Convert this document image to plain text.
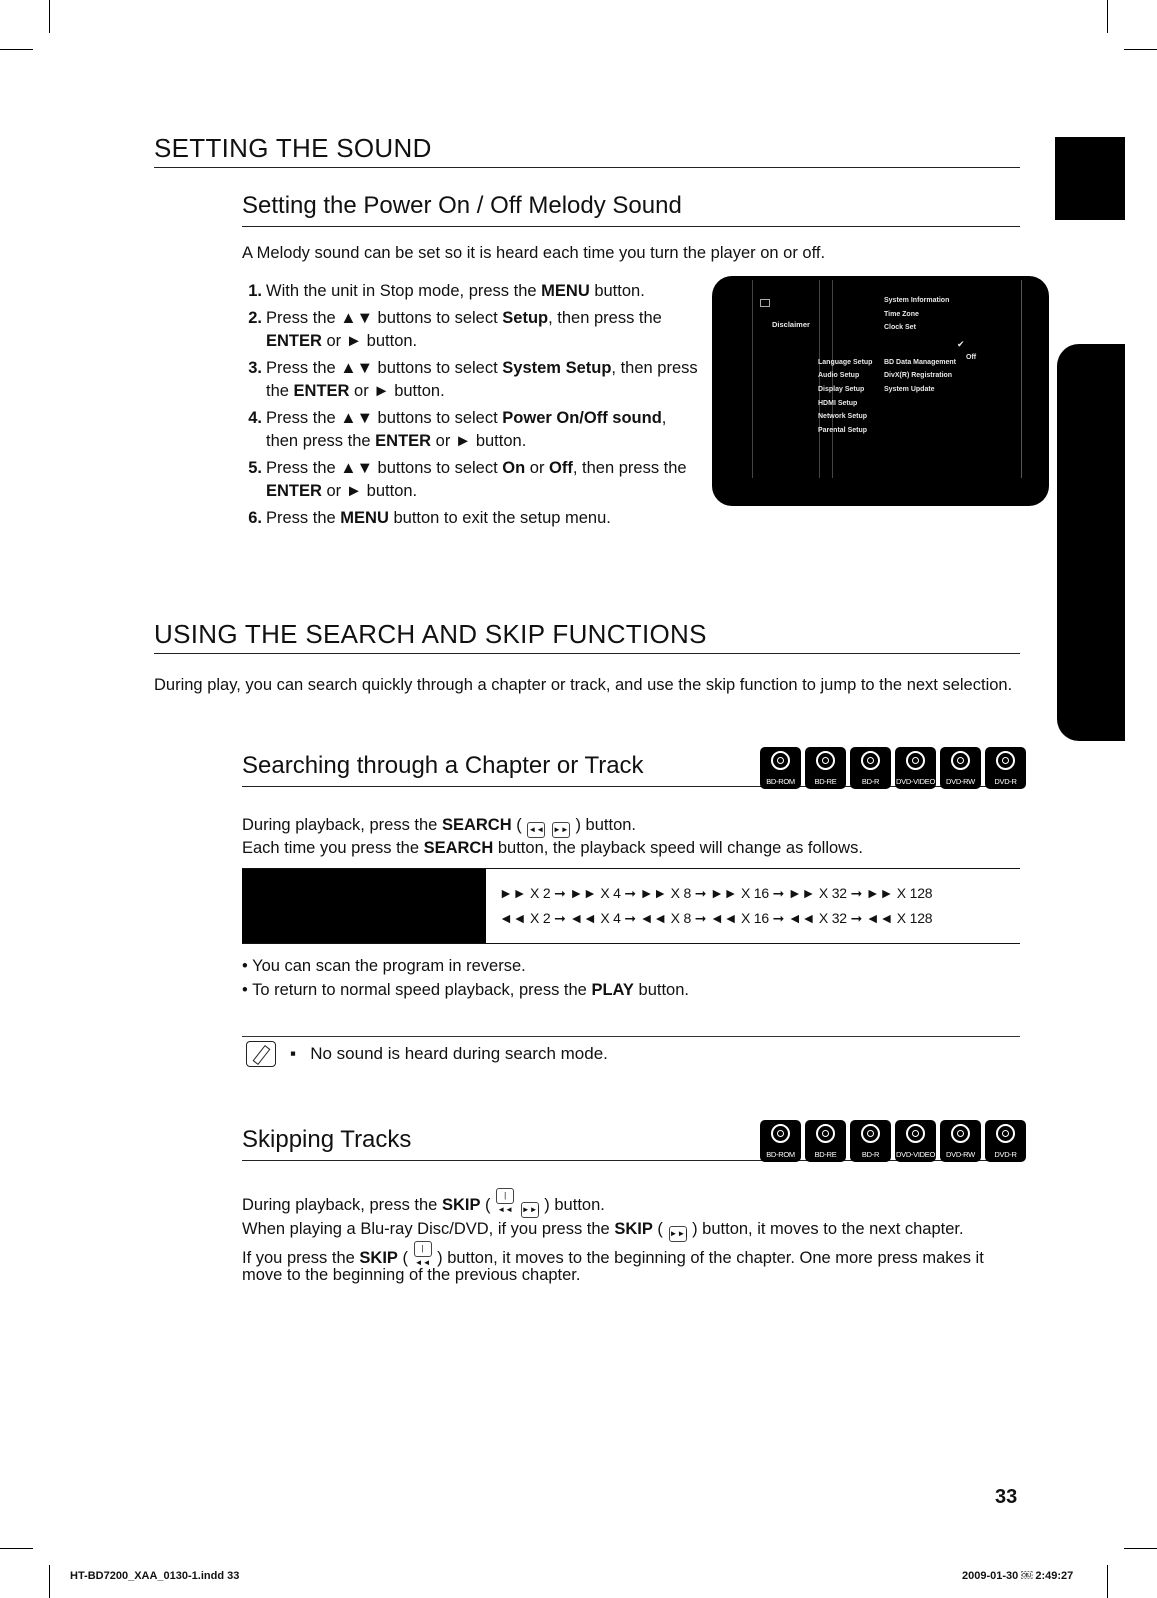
SETTING THE SOUND
Setting the Power On / Off Melody Sound

A Melody sound can be set so it is heard each time you turn the player on or off.

1. With the unit in Stop mode, press the MENU button.
2. Press the ▲▼ buttons to select Setup, then press the
ENTER or ► button.
3. Press the ▲▼ buttons to select System Setup, then press the ENTER or ► button.
4. Press the ▲▼ buttons to select Power On/Off sound, then press the ENTER or ► button.
5. Press the ▲▼ buttons to select On or Off, then press the
ENTER or ► button.
6. Press the MENU button to exit the setup menu.
Disclaimer
Language Setup
Audio Setup
Display Setup
HDMI Setup
Network Setup
Parental Setup
System Information
Time Zone
Clock Set
BD Data Management
DivX(R) Registration
System Update
✔
Off
USING THE SEARCH AND SKIP FUNCTIONS

During play, you can search quickly through a chapter or track, and use the skip function to jump to the next selection.

Searching through a Chapter or Track
BD-ROM	BD-RE	BD-R	DVD-VIDEO	DVD-RW	DVD-R

During playback, press the SEARCH ( ◄◄ ►► ) button.

Each time you press the SEARCH button, the playback speed will change as follows.

►► X 2 ➞ ►► X 4 ➞ ►► X 8 ➞ ►► X 16 ➞ ►► X 32 ➞ ►► X 128
◄◄ X 2 ➞ ◄◄ X 4 ➞ ◄◄ X 8 ➞ ◄◄ X 16 ➞ ◄◄ X 32 ➞ ◄◄ X 128
• You can scan the program in reverse.
• To return to normal speed playback, press the PLAY button.
▪   No sound is heard during search mode.
Skipping Tracks
BD-ROM	BD-RE	BD-R	DVD-VIDEO	DVD-RW	DVD-R

During playback, press the SKIP ( |◄◄ ►►| ) button.

When playing a Blu-ray Disc/DVD, if you press the SKIP ( ►►| ) button, it moves to the next chapter.

If you press the SKIP ( |◄◄ ) button, it moves to the beginning of the chapter. One more press makes it

move to the beginning of the previous chapter.

33
HT-BD7200_XAA_0130-1.indd 33	2009-01-30 ￼ 2:49:27
